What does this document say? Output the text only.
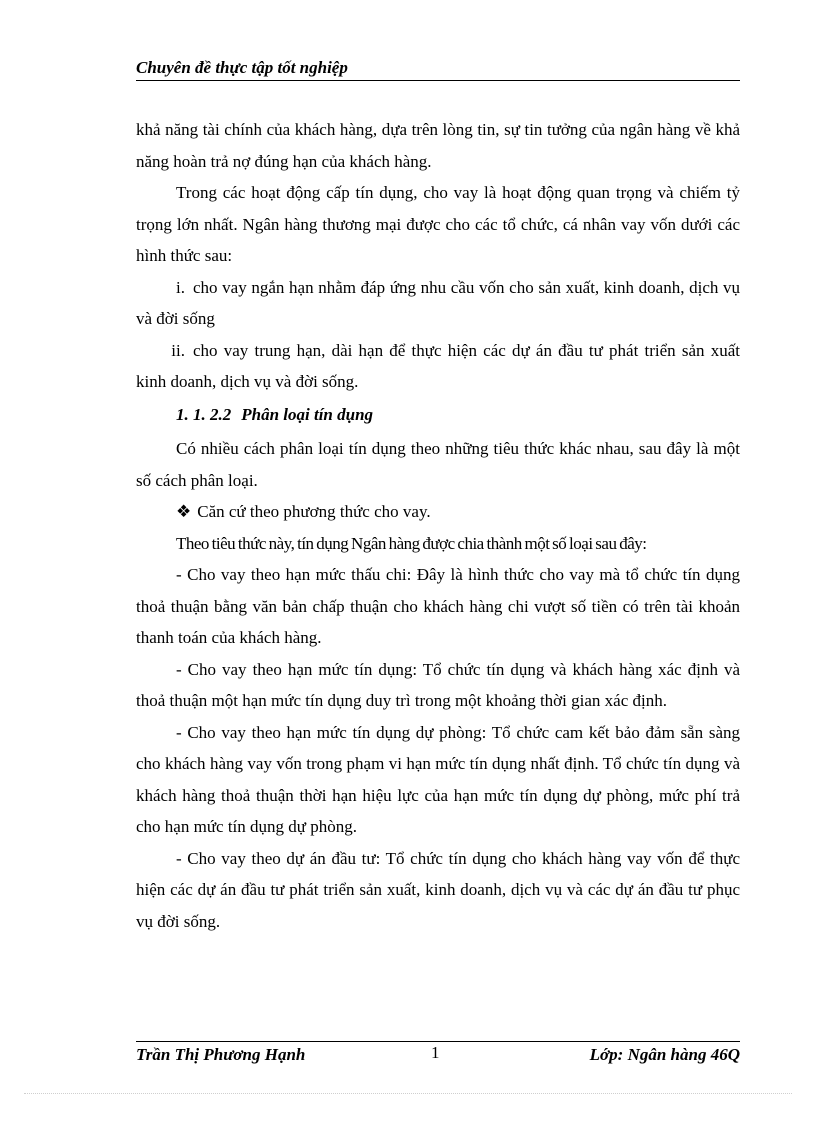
Chuyên đề thực tập tốt nghiệp

khả năng tài chính của khách hàng, dựa trên lòng tin, sự tin tưởng của ngân hàng về khả năng hoàn trả nợ đúng hạn của khách hàng.

Trong các hoạt động cấp tín dụng, cho vay là hoạt động quan trọng và chiếm tỷ trọng lớn nhất. Ngân hàng thương mại được cho các tổ chức, cá nhân vay vốn dưới các hình thức sau:

i. cho vay ngắn hạn nhằm đáp ứng nhu cầu vốn cho sản xuất, kinh doanh, dịch vụ và đời sống

ii. cho vay trung hạn, dài hạn để thực hiện các dự án đầu tư phát triển sản xuất kinh doanh, dịch vụ và đời sống.

1. 1. 2.2 Phân loại tín dụng

Có nhiều cách phân loại tín dụng theo những tiêu thức khác nhau, sau đây là một số cách phân loại.

❖ Căn cứ theo phương thức cho vay.

Theo tiêu thức này, tín dụng Ngân hàng được chia thành một số loại sau đây:

- Cho vay theo hạn mức thấu chi: Đây là hình thức cho vay mà tổ chức tín dụng thoả thuận bằng văn bản chấp thuận cho khách hàng chi vượt số tiền có trên tài khoản thanh toán của khách hàng.

- Cho vay theo hạn mức tín dụng: Tổ chức tín dụng và khách hàng xác định và thoả thuận một hạn mức tín dụng duy trì trong một khoảng thời gian xác định.

- Cho vay theo hạn mức tín dụng dự phòng: Tổ chức cam kết bảo đảm sẵn sàng cho khách hàng vay vốn trong phạm vi hạn mức tín dụng nhất định. Tổ chức tín dụng và khách hàng thoả thuận thời hạn hiệu lực của hạn mức tín dụng dự phòng, mức phí trả cho hạn mức tín dụng dự phòng.

- Cho vay theo dự án đầu tư: Tổ chức tín dụng cho khách hàng vay vốn để thực hiện các dự án đầu tư phát triển sản xuất, kinh doanh, dịch vụ và các dự án đầu tư phục vụ đời sống.

Trần Thị Phương Hạnh	1	Lớp: Ngân hàng 46Q
